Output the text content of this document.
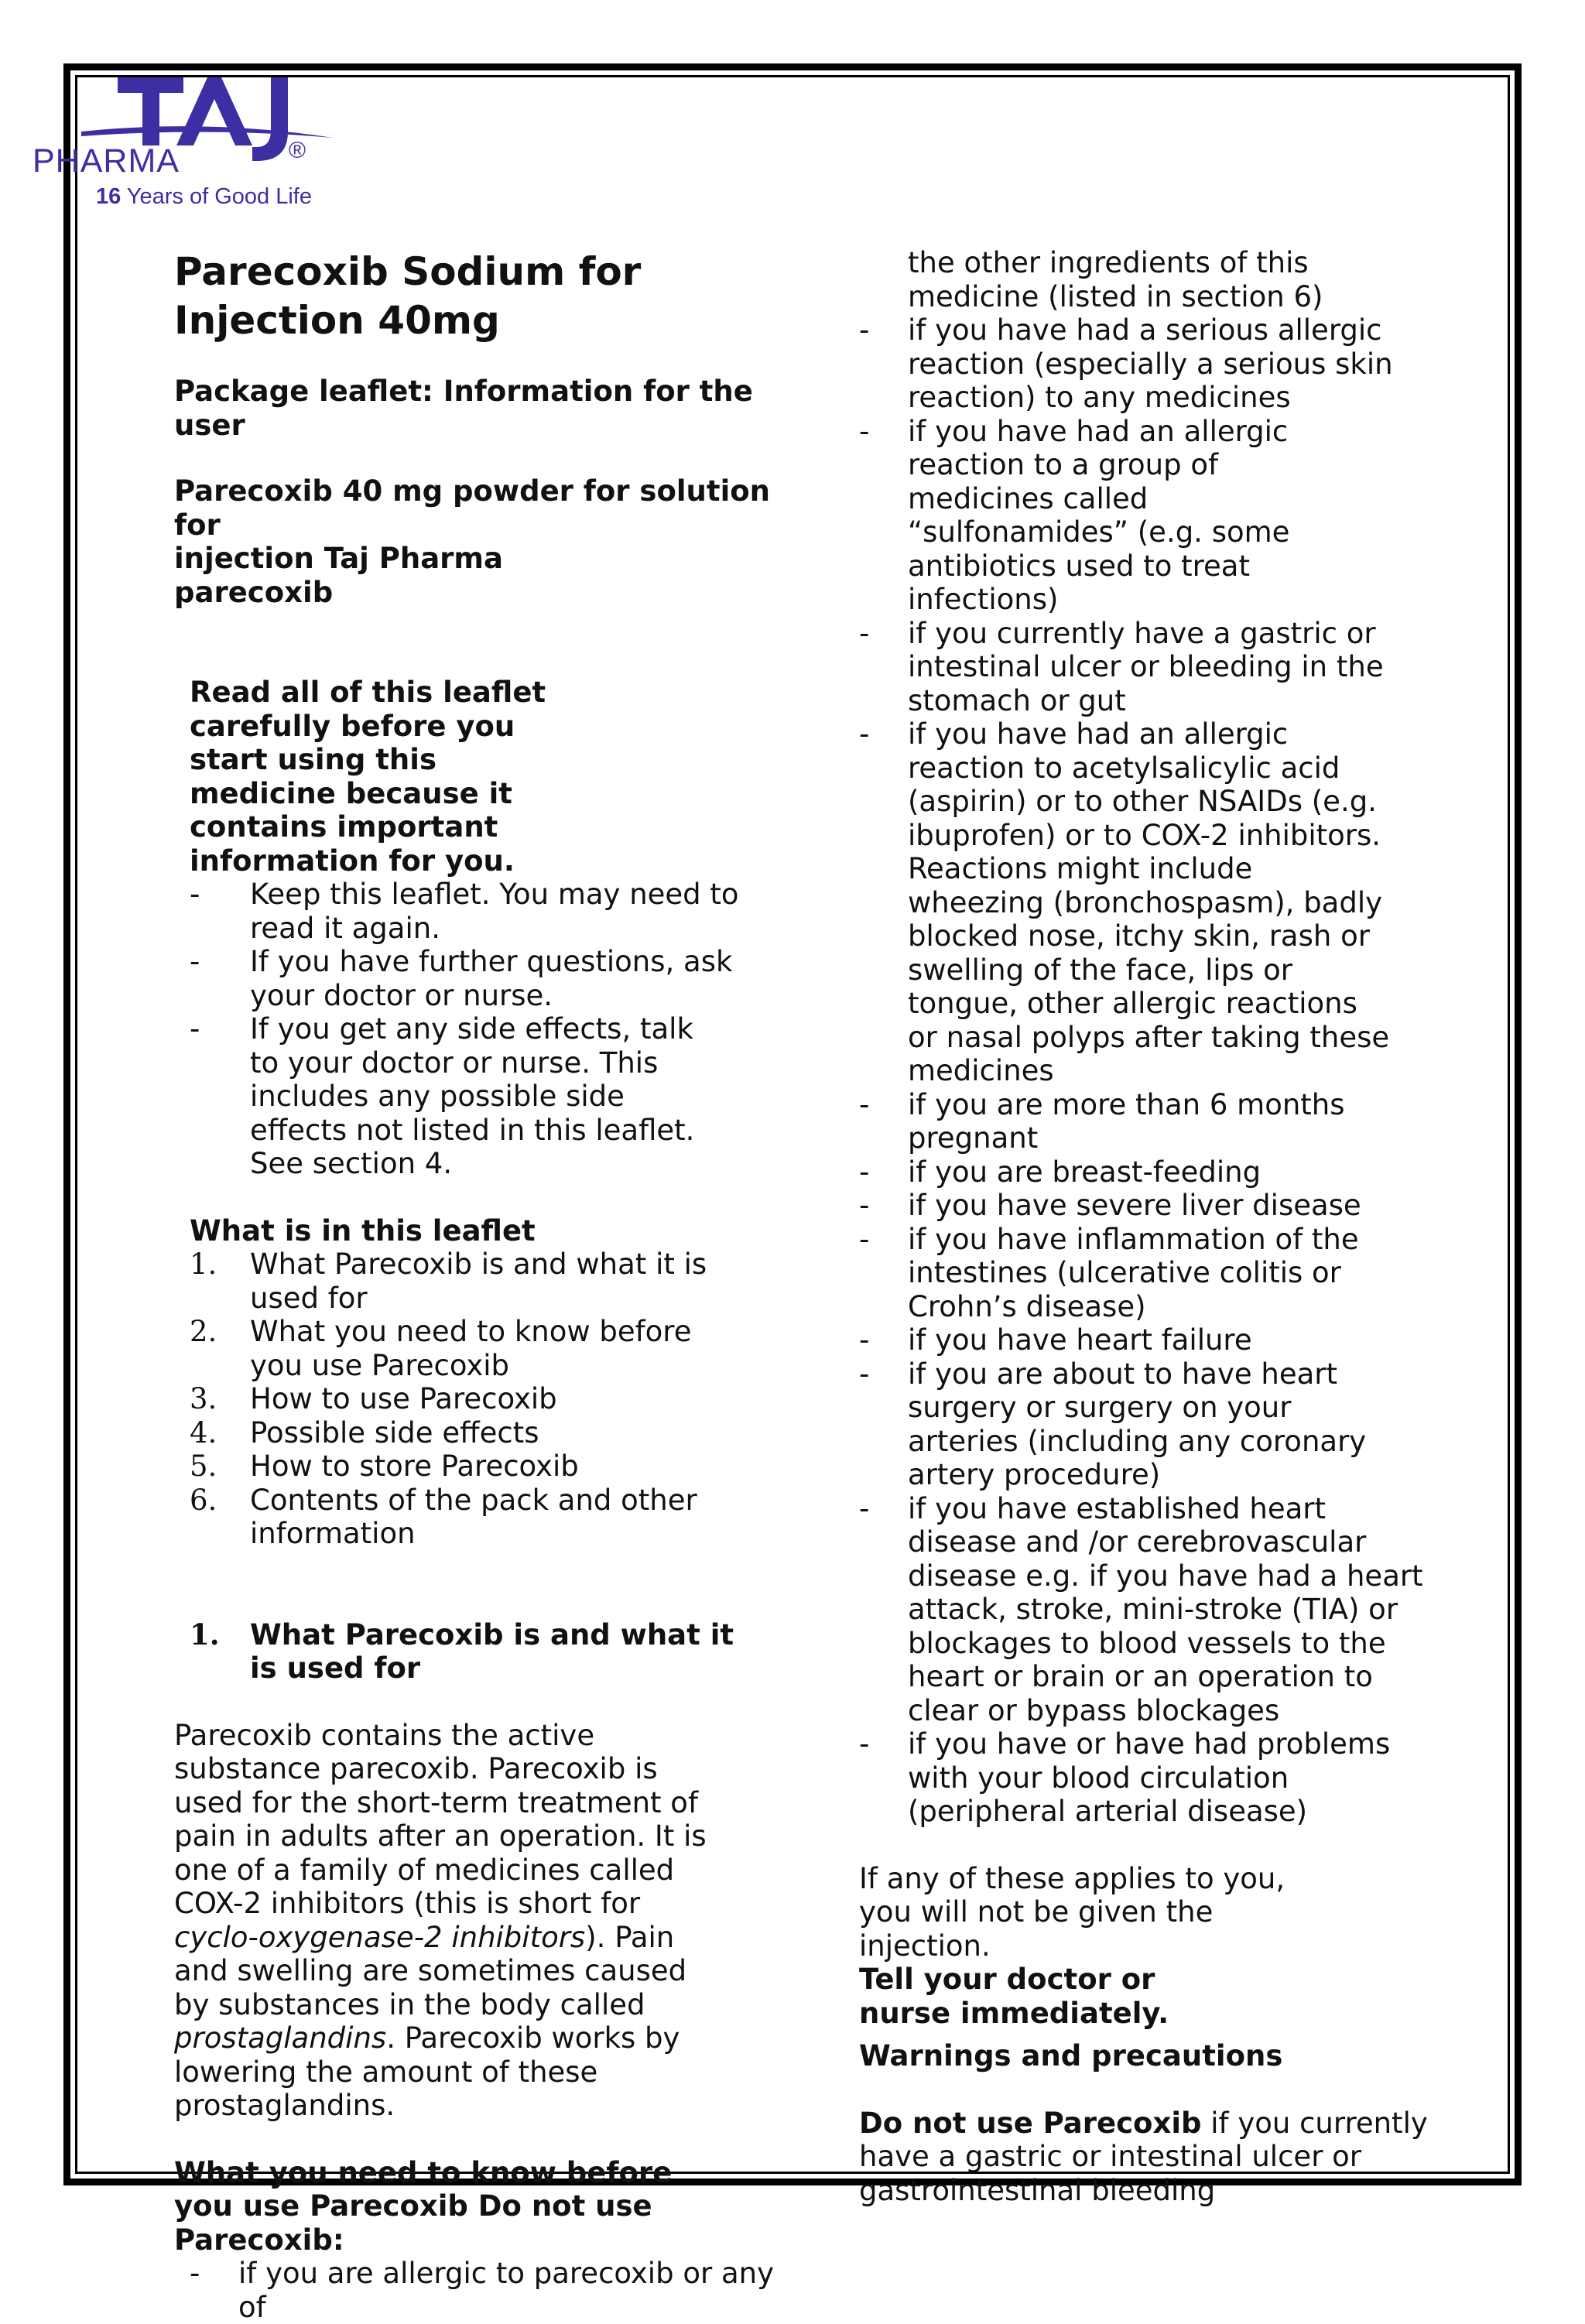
PHARMA	®
16 Years of Good Life
Parecoxib Sodium for Injection 40mg

Package leaflet: Information for the user

Parecoxib 40 mg powder for solution for

injection Taj Pharma

parecoxib

Read all of this leaflet carefully before you start using this medicine because it contains important information for you.

- Keep this leaflet. You may need to read it again.
- If you have further questions, ask your doctor or nurse.
- If you get any side effects, talk to your doctor or nurse. This includes any possible side effects not listed in this leaflet. See section 4.

What is in this leaflet

1. What Parecoxib is and what it is used for
2. What you need to know before you use Parecoxib
3. How to use Parecoxib
4. Possible side effects
5. How to store Parecoxib
6. Contents of the pack and other information

1. What Parecoxib is and what it is used for

Parecoxib contains the active substance parecoxib. Parecoxib is used for the short-term treatment of pain in adults after an operation. It is one of a family of medicines called COX-2 inhibitors (this is short for cyclo-oxygenase-2 inhibitors). Pain and swelling are sometimes caused by substances in the body called prostaglandins. Parecoxib works by lowering the amount of these prostaglandins.

What you need to know before you use Parecoxib Do not use Parecoxib:

- if you are allergic to parecoxib or any of

the other ingredients of this medicine (listed in section 6)

- if you have had a serious allergic reaction (especially a serious skin reaction) to any medicines
- if you have had an allergic reaction to a group of medicines called “sulfonamides” (e.g. some antibiotics used to treat infections)
- if you currently have a gastric or intestinal ulcer or bleeding in the stomach or gut
- if you have had an allergic reaction to acetylsalicylic acid (aspirin) or to other NSAIDs (e.g. ibuprofen) or to COX-2 inhibitors. Reactions might include wheezing (bronchospasm), badly blocked nose, itchy skin, rash or swelling of the face, lips or tongue, other allergic reactions or nasal polyps after taking these medicines
- if you are more than 6 months pregnant
- if you are breast-feeding
- if you have severe liver disease
- if you have inflammation of the intestines (ulcerative colitis or Crohn’s disease)
- if you have heart failure
- if you are about to have heart surgery or surgery on your arteries (including any coronary artery procedure)
- if you have established heart disease and /or cerebrovascular disease e.g. if you have had a heart attack, stroke, mini-stroke (TIA) or blockages to blood vessels to the heart or brain or an operation to clear or bypass blockages
- if you have or have had problems with your blood circulation (peripheral arterial disease)

If any of these applies to you, you will not be given the injection.

Tell your doctor or nurse immediately.

Warnings and precautions

Do not use Parecoxib if you currently have a gastric or intestinal ulcer or gastrointestinal bleeding
